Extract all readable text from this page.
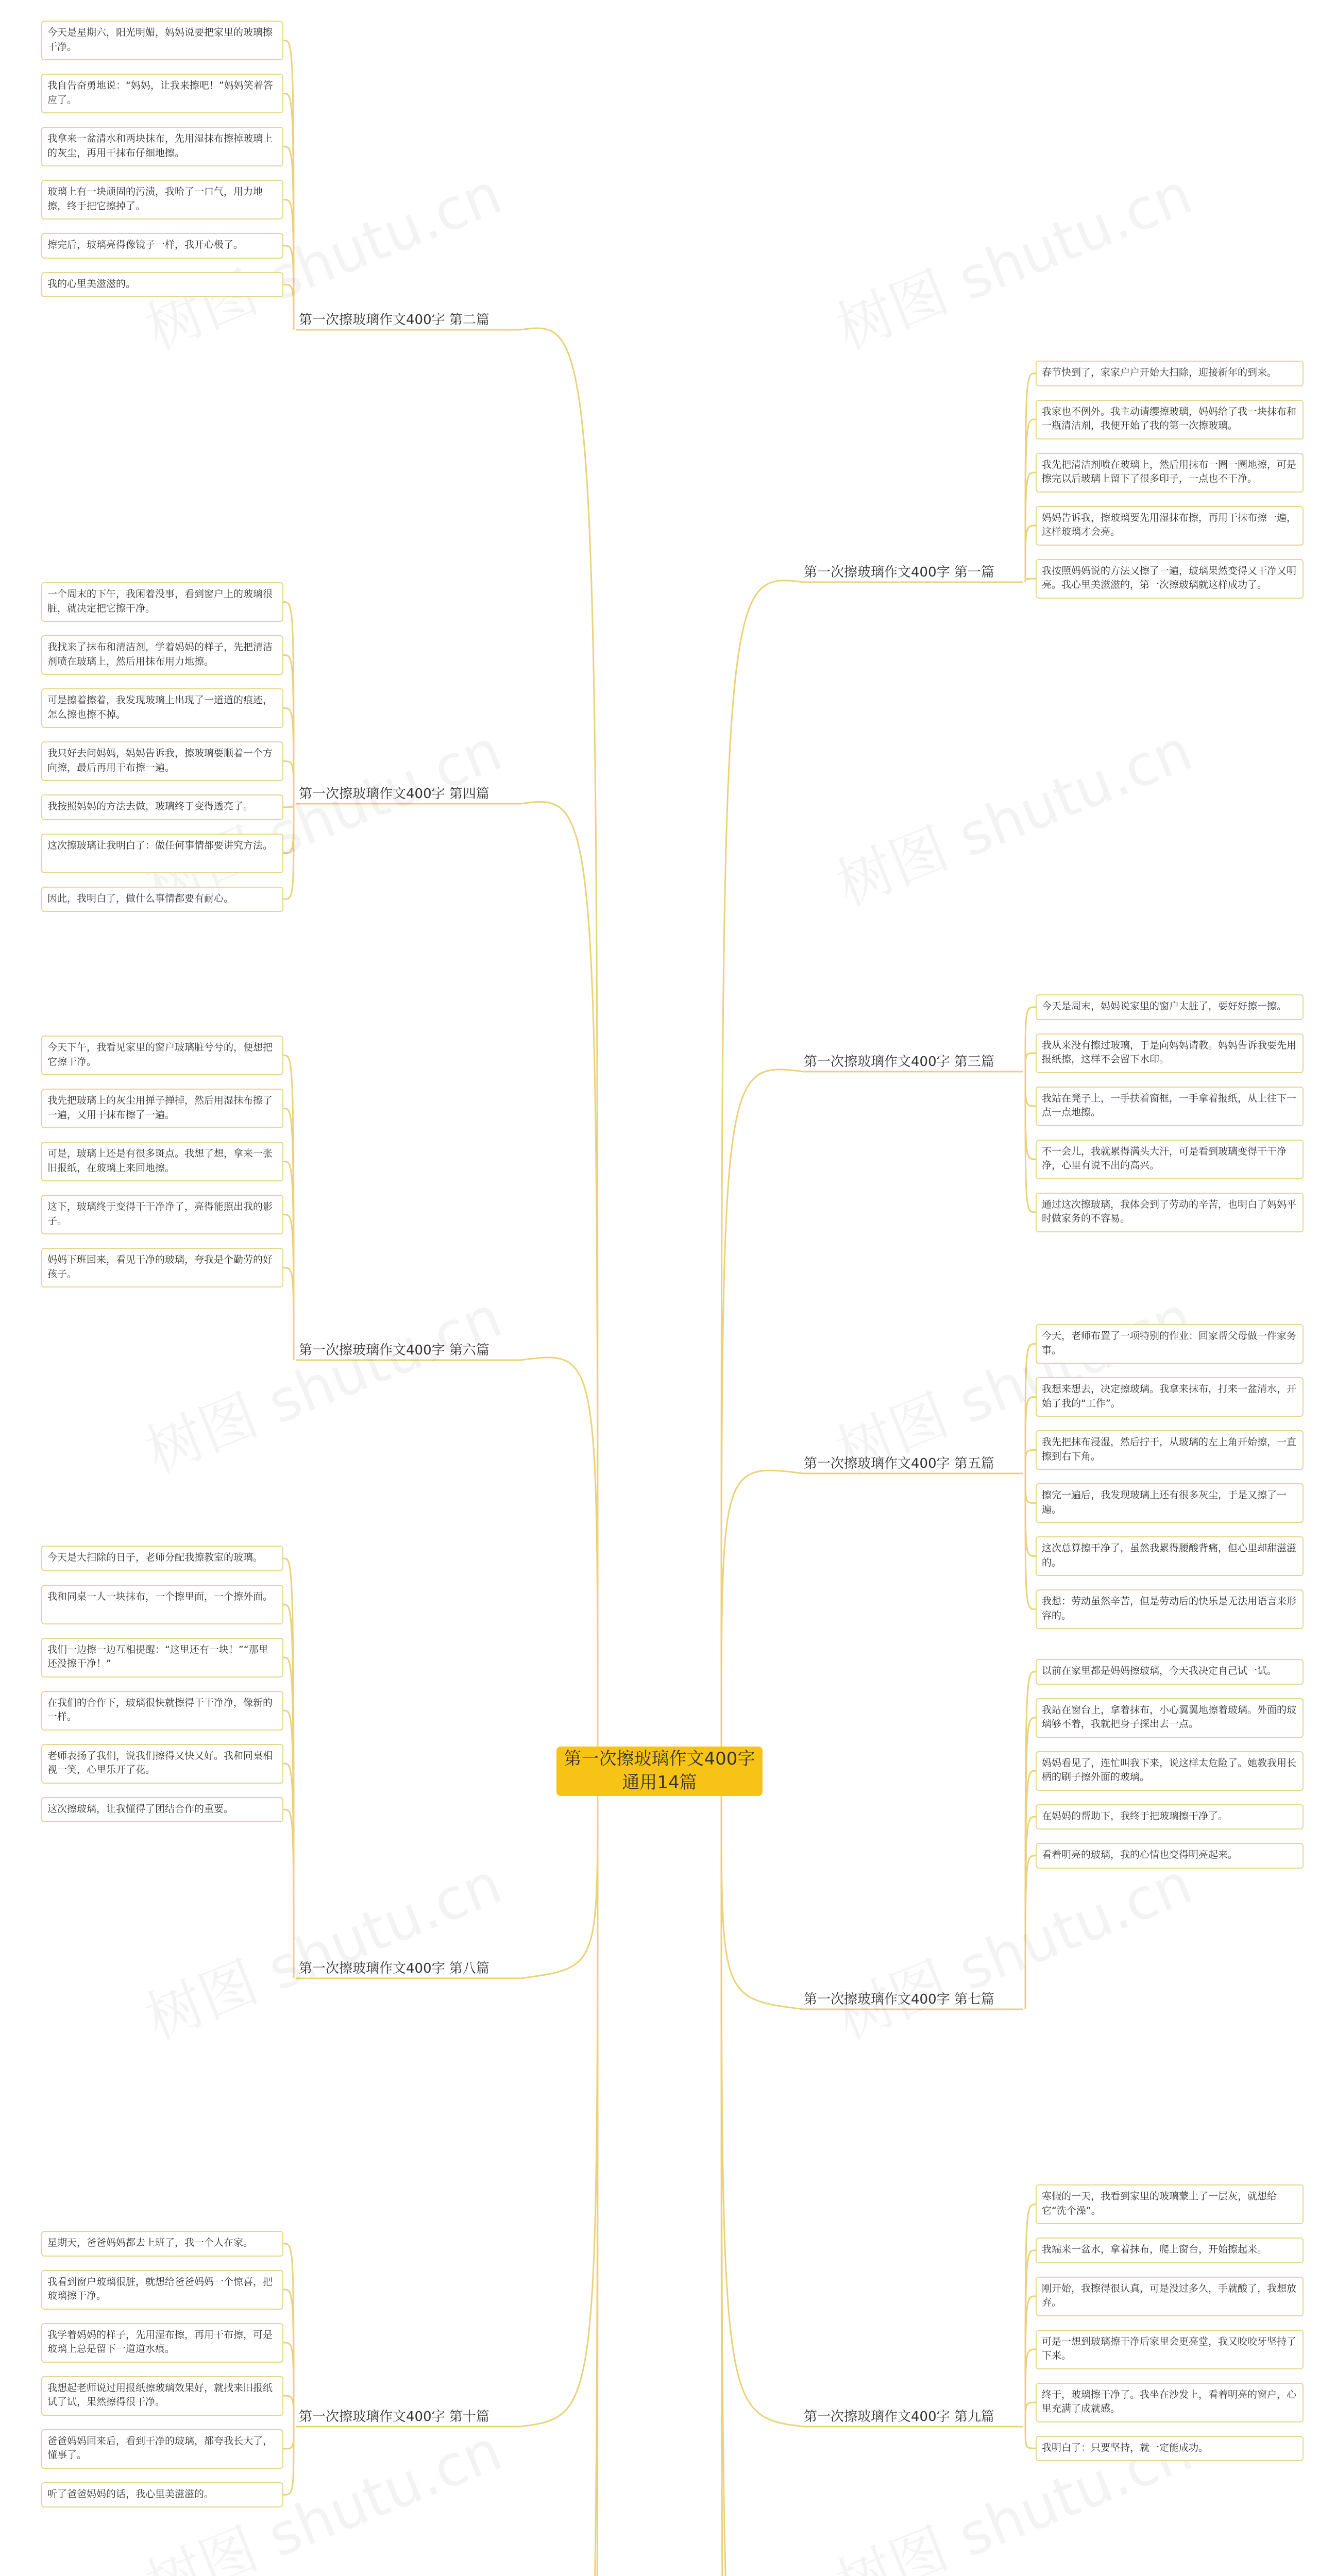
第一次擦玻璃作文400字
通用14篇
第一次擦玻璃作文400字 第一篇
春节快到了，家家户户开始大扫除，迎接新年的到来。
我家也不例外。我主动请缨擦玻璃，妈妈给了我一块抹布和一瓶清洁剂，我便开始了我的第一次擦玻璃。
我先把清洁剂喷在玻璃上，然后用抹布一圈一圈地擦，可是擦完以后玻璃上留下了很多印子，一点也不干净。
妈妈告诉我，擦玻璃要先用湿抹布擦，再用干抹布擦一遍，这样玻璃才会亮。
我按照妈妈说的方法又擦了一遍，玻璃果然变得又干净又明亮。我心里美滋滋的，第一次擦玻璃就这样成功了。
第一次擦玻璃作文400字 第二篇
今天是星期六，阳光明媚，妈妈说要把家里的玻璃擦干净。
我自告奋勇地说：“妈妈，让我来擦吧！”妈妈笑着答应了。
我拿来一盆清水和两块抹布，先用湿抹布擦掉玻璃上的灰尘，再用干抹布仔细地擦。
玻璃上有一块顽固的污渍，我哈了一口气，用力地擦，终于把它擦掉了。
擦完后，玻璃亮得像镜子一样，我开心极了。
我的心里美滋滋的。
第一次擦玻璃作文400字 第三篇
今天是周末，妈妈说家里的窗户太脏了，要好好擦一擦。
我从来没有擦过玻璃，于是向妈妈请教。妈妈告诉我要先用报纸擦，这样不会留下水印。
我站在凳子上，一手扶着窗框，一手拿着报纸，从上往下一点一点地擦。
不一会儿，我就累得满头大汗，可是看到玻璃变得干干净净，心里有说不出的高兴。
通过这次擦玻璃，我体会到了劳动的辛苦，也明白了妈妈平时做家务的不容易。
第一次擦玻璃作文400字 第四篇
一个周末的下午，我闲着没事，看到窗户上的玻璃很脏，就决定把它擦干净。
我找来了抹布和清洁剂，学着妈妈的样子，先把清洁剂喷在玻璃上，然后用抹布用力地擦。
可是擦着擦着，我发现玻璃上出现了一道道的痕迹，怎么擦也擦不掉。
我只好去问妈妈，妈妈告诉我，擦玻璃要顺着一个方向擦，最后再用干布擦一遍。
我按照妈妈的方法去做，玻璃终于变得透亮了。
这次擦玻璃让我明白了：做任何事情都要讲究方法。
因此，我明白了，做什么事情都要有耐心。
第一次擦玻璃作文400字 第五篇
今天，老师布置了一项特别的作业：回家帮父母做一件家务事。
我想来想去，决定擦玻璃。我拿来抹布，打来一盆清水，开始了我的“工作”。
我先把抹布浸湿，然后拧干，从玻璃的左上角开始擦，一直擦到右下角。
擦完一遍后，我发现玻璃上还有很多灰尘，于是又擦了一遍。
这次总算擦干净了，虽然我累得腰酸背痛，但心里却甜滋滋的。
我想：劳动虽然辛苦，但是劳动后的快乐是无法用语言来形容的。
第一次擦玻璃作文400字 第六篇
今天下午，我看见家里的窗户玻璃脏兮兮的，便想把它擦干净。
我先把玻璃上的灰尘用掸子掸掉，然后用湿抹布擦了一遍，又用干抹布擦了一遍。
可是，玻璃上还是有很多斑点。我想了想，拿来一张旧报纸，在玻璃上来回地擦。
这下，玻璃终于变得干干净净了，亮得能照出我的影子。
妈妈下班回来，看见干净的玻璃，夸我是个勤劳的好孩子。
第一次擦玻璃作文400字 第七篇
以前在家里都是妈妈擦玻璃，今天我决定自己试一试。
我站在窗台上，拿着抹布，小心翼翼地擦着玻璃。外面的玻璃够不着，我就把身子探出去一点。
妈妈看见了，连忙叫我下来，说这样太危险了。她教我用长柄的刷子擦外面的玻璃。
在妈妈的帮助下，我终于把玻璃擦干净了。
看着明亮的玻璃，我的心情也变得明亮起来。
第一次擦玻璃作文400字 第八篇
今天是大扫除的日子，老师分配我擦教室的玻璃。
我和同桌一人一块抹布，一个擦里面，一个擦外面。
我们一边擦一边互相提醒：“这里还有一块！”“那里还没擦干净！”
在我们的合作下，玻璃很快就擦得干干净净，像新的一样。
老师表扬了我们，说我们擦得又快又好。我和同桌相视一笑，心里乐开了花。
这次擦玻璃，让我懂得了团结合作的重要。
第一次擦玻璃作文400字 第九篇
寒假的一天，我看到家里的玻璃蒙上了一层灰，就想给它“洗个澡”。
我端来一盆水，拿着抹布，爬上窗台，开始擦起来。
刚开始，我擦得很认真，可是没过多久，手就酸了，我想放弃。
可是一想到玻璃擦干净后家里会更亮堂，我又咬咬牙坚持了下来。
终于，玻璃擦干净了。我坐在沙发上，看着明亮的窗户，心里充满了成就感。
我明白了：只要坚持，就一定能成功。
第一次擦玻璃作文400字 第十篇
星期天，爸爸妈妈都去上班了，我一个人在家。
我看到窗户玻璃很脏，就想给爸爸妈妈一个惊喜，把玻璃擦干净。
我学着妈妈的样子，先用湿布擦，再用干布擦，可是玻璃上总是留下一道道水痕。
我想起老师说过用报纸擦玻璃效果好，就找来旧报纸试了试，果然擦得很干净。
爸爸妈妈回来后，看到干净的玻璃，都夸我长大了，懂事了。
听了爸爸妈妈的话，我心里美滋滋的。
